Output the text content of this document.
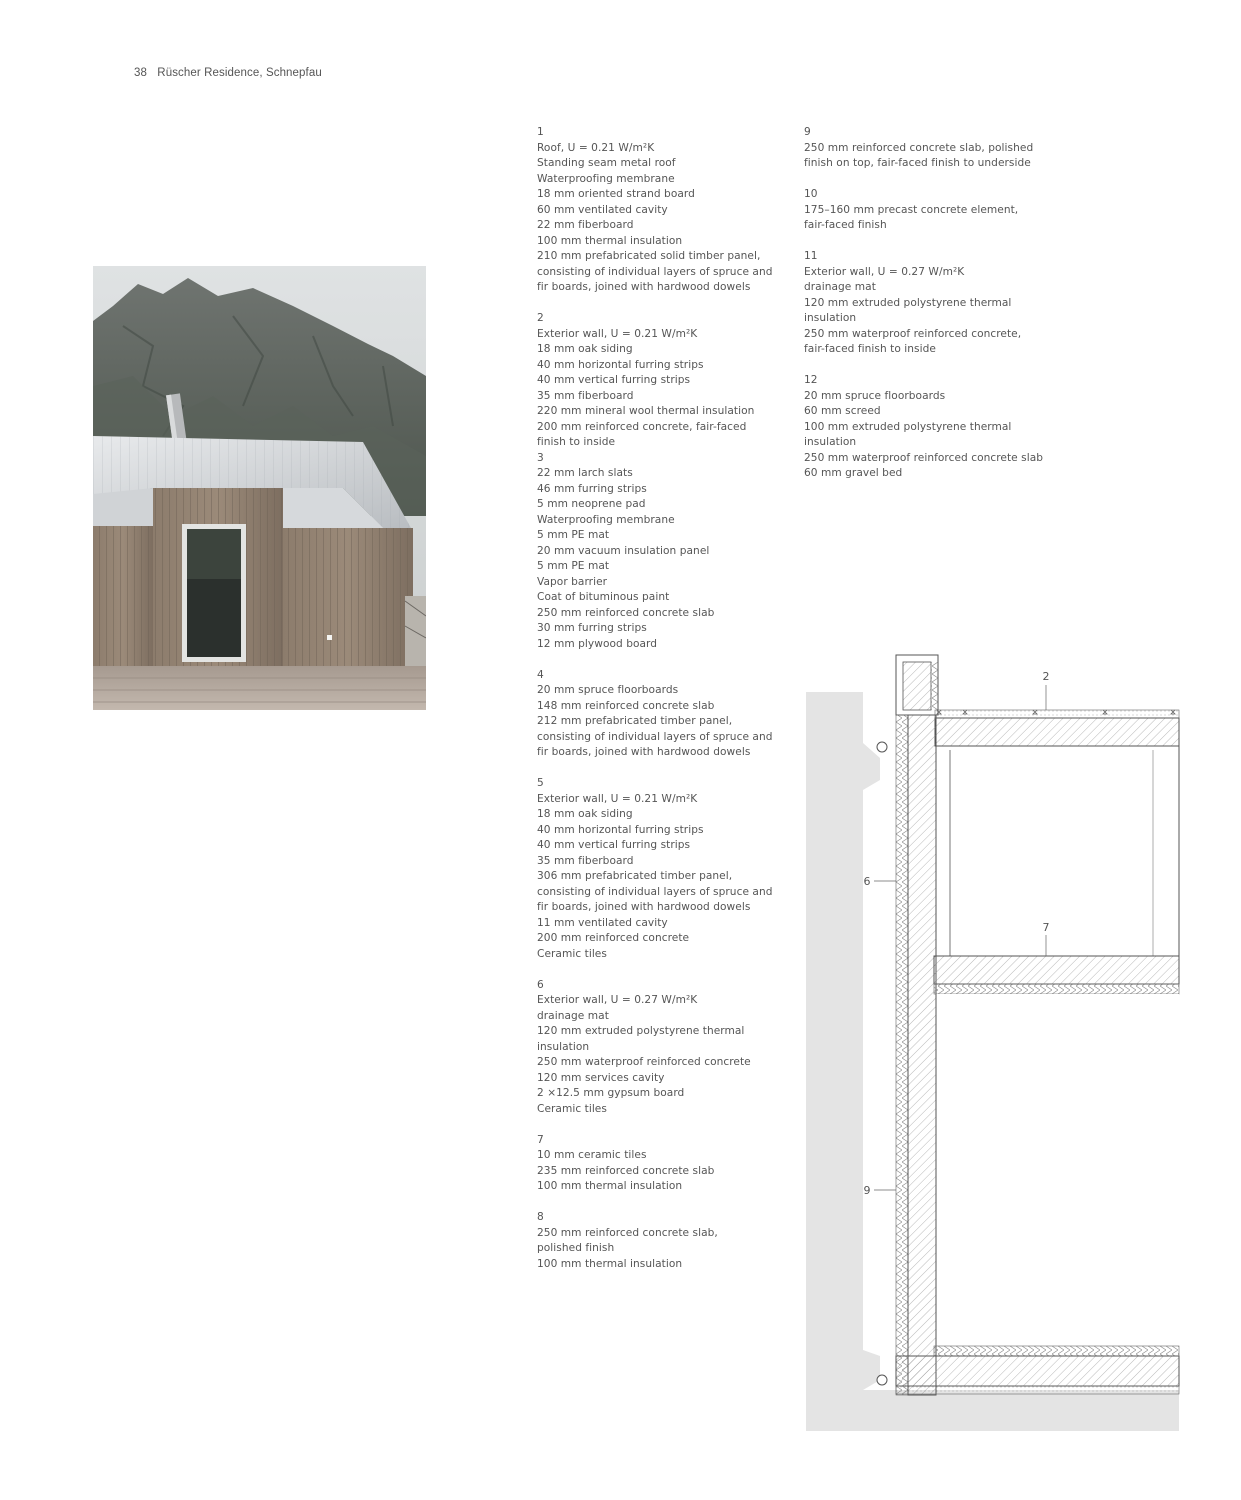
38 Rüscher Residence, Schnepfau
1
Roof, U = 0.21 W/m²K
Standing seam metal roof
Waterproofing membrane
18 mm oriented strand board
60 mm ventilated cavity
22 mm fiberboard
100 mm thermal insulation
210 mm prefabricated solid timber panel,
consisting of individual layers of spruce and
fir boards, joined with hardwood dowels
2
Exterior wall, U = 0.21 W/m²K
18 mm oak siding
40 mm horizontal furring strips
40 mm vertical furring strips
35 mm fiberboard
220 mm mineral wool thermal insulation
200 mm reinforced concrete, fair-faced
finish to inside
3
22 mm larch slats
46 mm furring strips
5 mm neoprene pad
Waterproofing membrane
5 mm PE mat
20 mm vacuum insulation panel
5 mm PE mat
Vapor barrier
Coat of bituminous paint
250 mm reinforced concrete slab
30 mm furring strips
12 mm plywood board
4
20 mm spruce floorboards
148 mm reinforced concrete slab
212 mm prefabricated timber panel,
consisting of individual layers of spruce and
fir boards, joined with hardwood dowels
5
Exterior wall, U = 0.21 W/m²K
18 mm oak siding
40 mm horizontal furring strips
40 mm vertical furring strips
35 mm fiberboard
306 mm prefabricated timber panel,
consisting of individual layers of spruce and
fir boards, joined with hardwood dowels
11 mm ventilated cavity
200 mm reinforced concrete
Ceramic tiles
6
Exterior wall, U = 0.27 W/m²K
drainage mat
120 mm extruded polystyrene thermal
insulation
250 mm waterproof reinforced concrete
120 mm services cavity
2 ×12.5 mm gypsum board
Ceramic tiles
7
10 mm ceramic tiles
235 mm reinforced concrete slab
100 mm thermal insulation
8
250 mm reinforced concrete slab,
polished finish
100 mm thermal insulation
9
250 mm reinforced concrete slab, polished
finish on top, fair-faced finish to underside
10
175–160 mm precast concrete element,
fair-faced finish
11
Exterior wall, U = 0.27 W/m²K
drainage mat
120 mm extruded polystyrene thermal
insulation
250 mm waterproof reinforced concrete,
fair-faced finish to inside
12
20 mm spruce floorboards
60 mm screed
100 mm extruded polystyrene thermal
insulation
250 mm waterproof reinforced concrete slab
60 mm gravel bed
2
6
7
9
